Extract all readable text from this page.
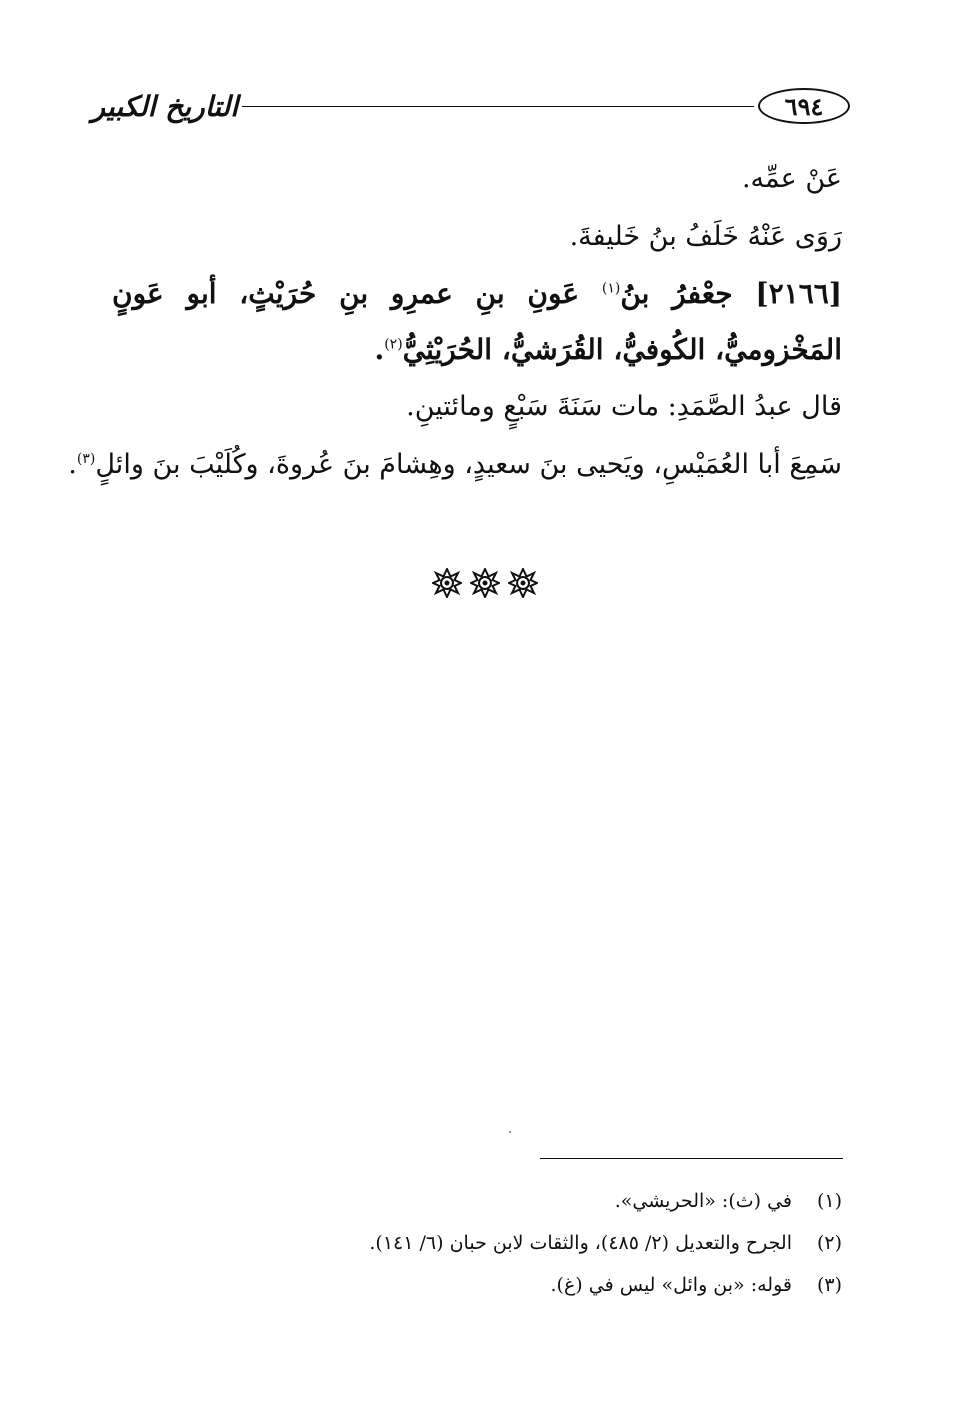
٦٩٤
التاريخ الكبير
عَنْ عمِّه.
رَوَى عَنْهُ خَلَفُ بنُ خَليفةَ.
[٢١٦٦] جعْفرُ بنُ$^{(١)}$ عَونِ بنِ عمرِو بنِ حُرَيْثٍ، أبو عَونٍ المَخْزوميُّ، الكُوفيُّ، القُرَشيُّ، الحُرَيْثِيُّ$^{(٢)}$.
قال عبدُ الصَّمَدِ: مات سَنَةَ سَبْعٍ ومائتينِ.
سَمِعَ أبا العُمَيْسِ، ويَحيى بنَ سعيدٍ، وهِشامَ بنَ عُروةَ، وكُلَيْبَ بنَ وائلٍ$^{(٣)}$.
(١)في (ث): «الحريشي».
(٢)الجرح والتعديل (٢/ ٤٨٥)، والثقات لابن حبان (٦/ ١٤١).
(٣)قوله: «بن وائل» ليس في (غ).
